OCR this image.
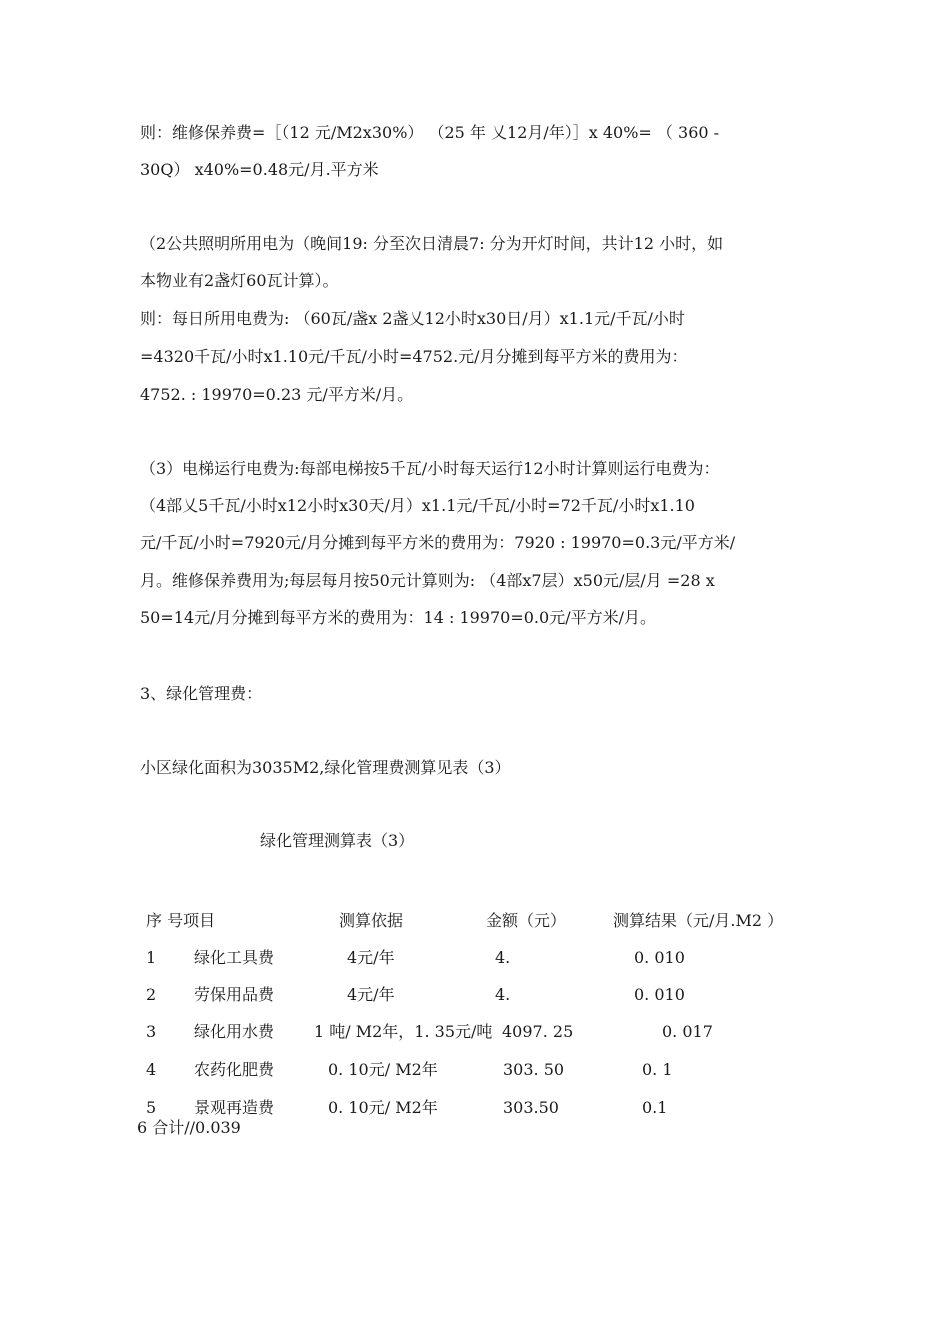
则：维修保养费=［（12 元/M2x30%） （25 年 乂12月/年）］x 40%= （ 360 -
30Q） x40%=0.48元/月.平方米
（2公共照明所用电为（晚间19: 分至次日清晨7: 分为开灯时间，共计12 小时，如
本物业有2盏灯60瓦计算）。
则：每日所用电费为: （60瓦/盏x 2盏乂12小时x30日/月）x1.1元/千瓦/小时
=4320千瓦/小时x1.10元/千瓦/小时=4752.元/月分摊到每平方米的费用为：
4752. : 19970=0.23 元/平方米/月。
（3）电梯运行电费为:每部电梯按5千瓦/小时每天运行12小时计算则运行电费为：
（4部乂5千瓦/小时x12小时x30天/月）x1.1元/千瓦/小时=72千瓦/小时x1.10
元/千瓦/小时=7920元/月分摊到每平方米的费用为：7920 : 19970=0.3元/平方米/
月。维修保养费用为;每层每月按50元计算则为: （4部x7层）x50元/层/月 =28 x
50=14元/月分摊到每平方米的费用为：14 : 19970=0.0元/平方米/月。
3、绿化管理费：
小区绿化面积为3035M2,绿化管理费测算见表（3）
绿化管理测算表（3）
序 号项目	测算依据	金额（元）	测算结果（元/月.M2 ）
1 绿化工具费	4元/年	4.	0. 010
2 劳保用品费	4元/年	4.	0. 010
3 绿化用水费 1 吨/ M2年，1. 35元/吨 4097. 25	0. 017
4 农药化肥费	0. 10元/ M2年	303. 50	0. 1
5 景观再造费	0. 10元/ M2年	303.50	0.1
6 合计//0.039
